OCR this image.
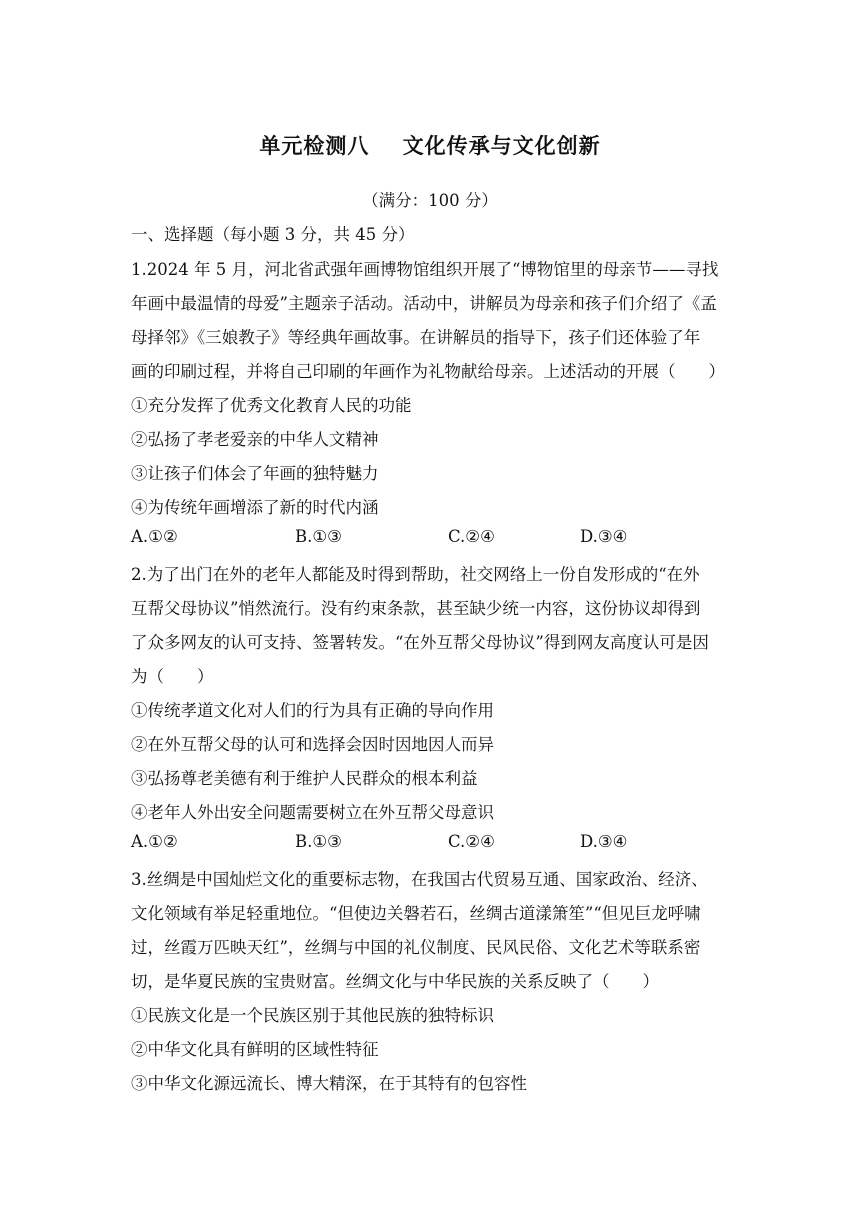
单元检测八    文化传承与文化创新
（满分：100 分）
一、选择题（每小题 3 分，共 45 分）
1.2024 年 5 月，河北省武强年画博物馆组织开展了“博物馆里的母亲节——寻找
年画中最温情的母爱”主题亲子活动。活动中，讲解员为母亲和孩子们介绍了《孟
母择邻》《三娘教子》等经典年画故事。在讲解员的指导下，孩子们还体验了年
画的印刷过程，并将自己印刷的年画作为礼物献给母亲。上述活动的开展（　　）
①充分发挥了优秀文化教育人民的功能
②弘扬了孝老爱亲的中华人文精神
③让孩子们体会了年画的独特魅力
④为传统年画增添了新的时代内涵
A.①②	B.①③	C.②④	D.③④
2.为了出门在外的老年人都能及时得到帮助，社交网络上一份自发形成的“在外
互帮父母协议”悄然流行。没有约束条款，甚至缺少统一内容，这份协议却得到
了众多网友的认可支持、签署转发。“在外互帮父母协议”得到网友高度认可是因
为（　　）
①传统孝道文化对人们的行为具有正确的导向作用
②在外互帮父母的认可和选择会因时因地因人而异
③弘扬尊老美德有利于维护人民群众的根本利益
④老年人外出安全问题需要树立在外互帮父母意识
A.①②	B.①③	C.②④	D.③④
3.丝绸是中国灿烂文化的重要标志物，在我国古代贸易互通、国家政治、经济、
文化领域有举足轻重地位。“但使边关磐若石，丝绸古道漾箫笙”“但见巨龙呼啸
过，丝霞万匹映天红”，丝绸与中国的礼仪制度、民风民俗、文化艺术等联系密
切，是华夏民族的宝贵财富。丝绸文化与中华民族的关系反映了（　　）
①民族文化是一个民族区别于其他民族的独特标识
②中华文化具有鲜明的区域性特征
③中华文化源远流长、博大精深，在于其特有的包容性
